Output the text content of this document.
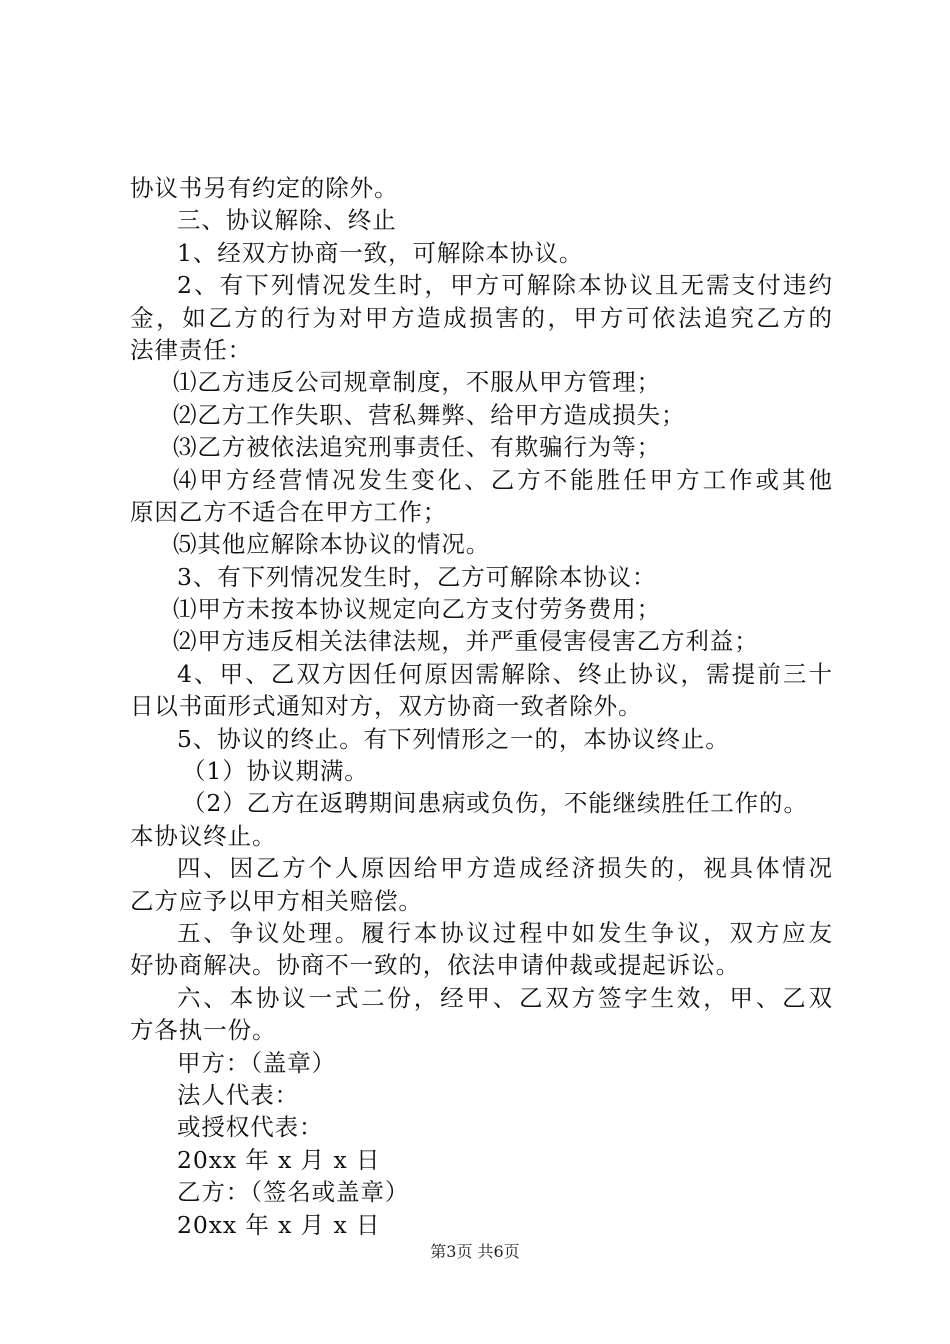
协议书另有约定的除外。
三、协议解除、终止
1、经双方协商一致，可解除本协议。
2、有下列情况发生时，甲方可解除本协议且无需支付违约
金，如乙方的行为对甲方造成损害的，甲方可依法追究乙方的
法律责任：
⑴乙方违反公司规章制度，不服从甲方管理；
⑵乙方工作失职、营私舞弊、给甲方造成损失；
⑶乙方被依法追究刑事责任、有欺骗行为等；
⑷甲方经营情况发生变化、乙方不能胜任甲方工作或其他
原因乙方不适合在甲方工作；
⑸其他应解除本协议的情况。
3、有下列情况发生时，乙方可解除本协议：
⑴甲方未按本协议规定向乙方支付劳务费用；
⑵甲方违反相关法律法规，并严重侵害侵害乙方利益；
4、甲、乙双方因任何原因需解除、终止协议，需提前三十
日以书面形式通知对方，双方协商一致者除外。
5、协议的终止。有下列情形之一的，本协议终止。
（1）协议期满。
（2）乙方在返聘期间患病或负伤，不能继续胜任工作的。
本协议终止。
四、因乙方个人原因给甲方造成经济损失的，视具体情况
乙方应予以甲方相关赔偿。
五、争议处理。履行本协议过程中如发生争议，双方应友
好协商解决。协商不一致的，依法申请仲裁或提起诉讼。
六、本协议一式二份，经甲、乙双方签字生效，甲、乙双
方各执一份。
甲方：（盖章）
法人代表：
或授权代表：
20xx 年 x 月 x 日
乙方：（签名或盖章）
20xx 年 x 月 x 日
第3页 共6页
